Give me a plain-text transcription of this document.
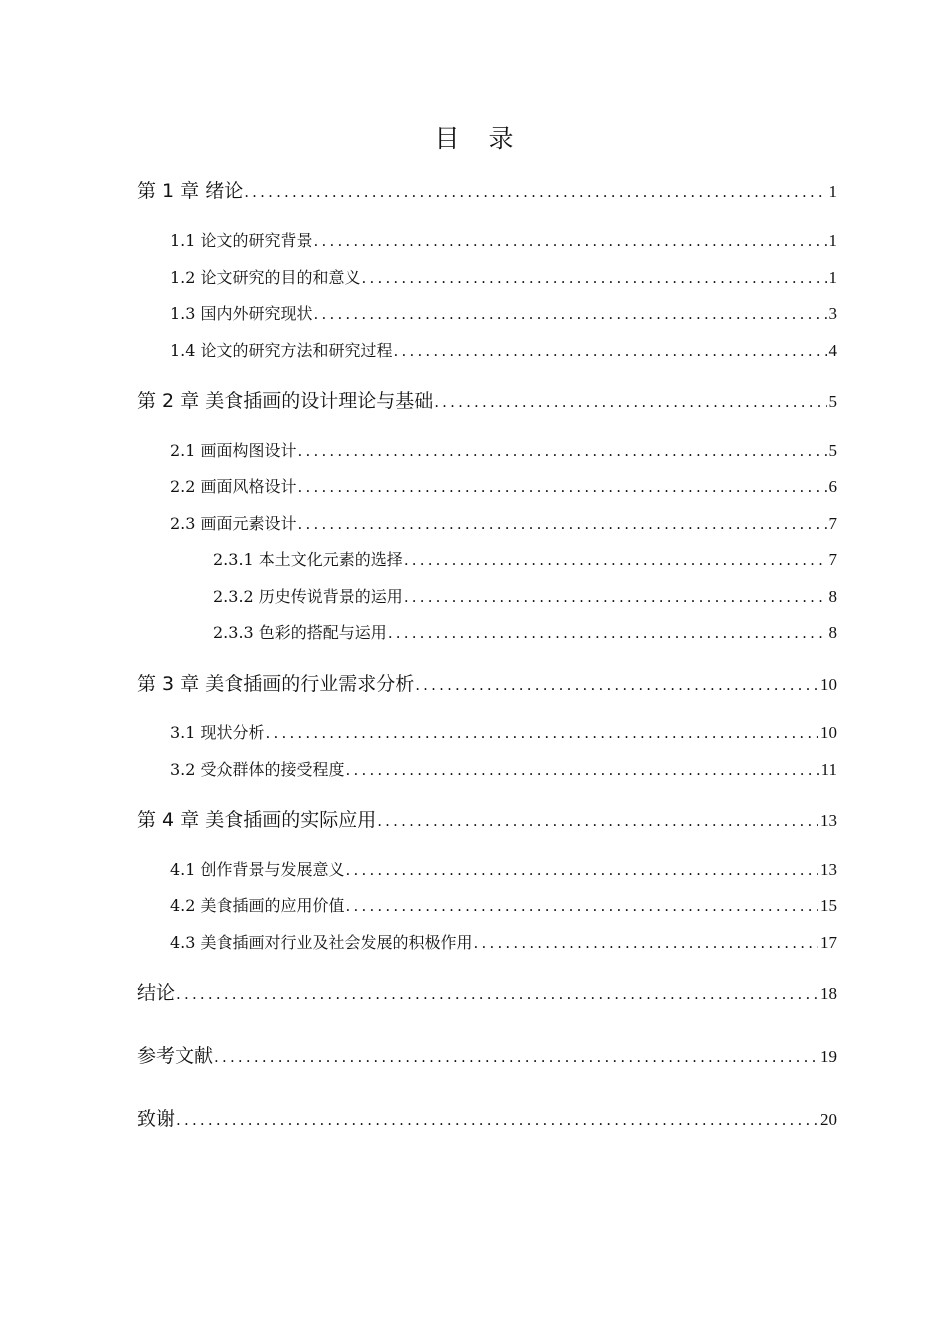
目　录
第 1 章 绪论 .....	1
1.1 论文的研究背景 .....	1
1.2 论文研究的目的和意义 .....	1
1.3 国内外研究现状 .....	3
1.4 论文的研究方法和研究过程 .....	4
第 2 章 美食插画的设计理论与基础 .....	5
2.1 画面构图设计 .....	5
2.2 画面风格设计 .....	6
2.3 画面元素设计 .....	7
2.3.1 本土文化元素的选择 .....	7
2.3.2 历史传说背景的运用 .....	8
2.3.3 色彩的搭配与运用 .....	8
第 3 章 美食插画的行业需求分析 .....	10
3.1 现状分析 .....	10
3.2 受众群体的接受程度 .....	11
第 4 章 美食插画的实际应用 .....	13
4.1 创作背景与发展意义 .....	13
4.2 美食插画的应用价值 .....	15
4.3 美食插画对行业及社会发展的积极作用 .....	17
结论 .....	18
参考文献 .....	19
致谢 .....	20
